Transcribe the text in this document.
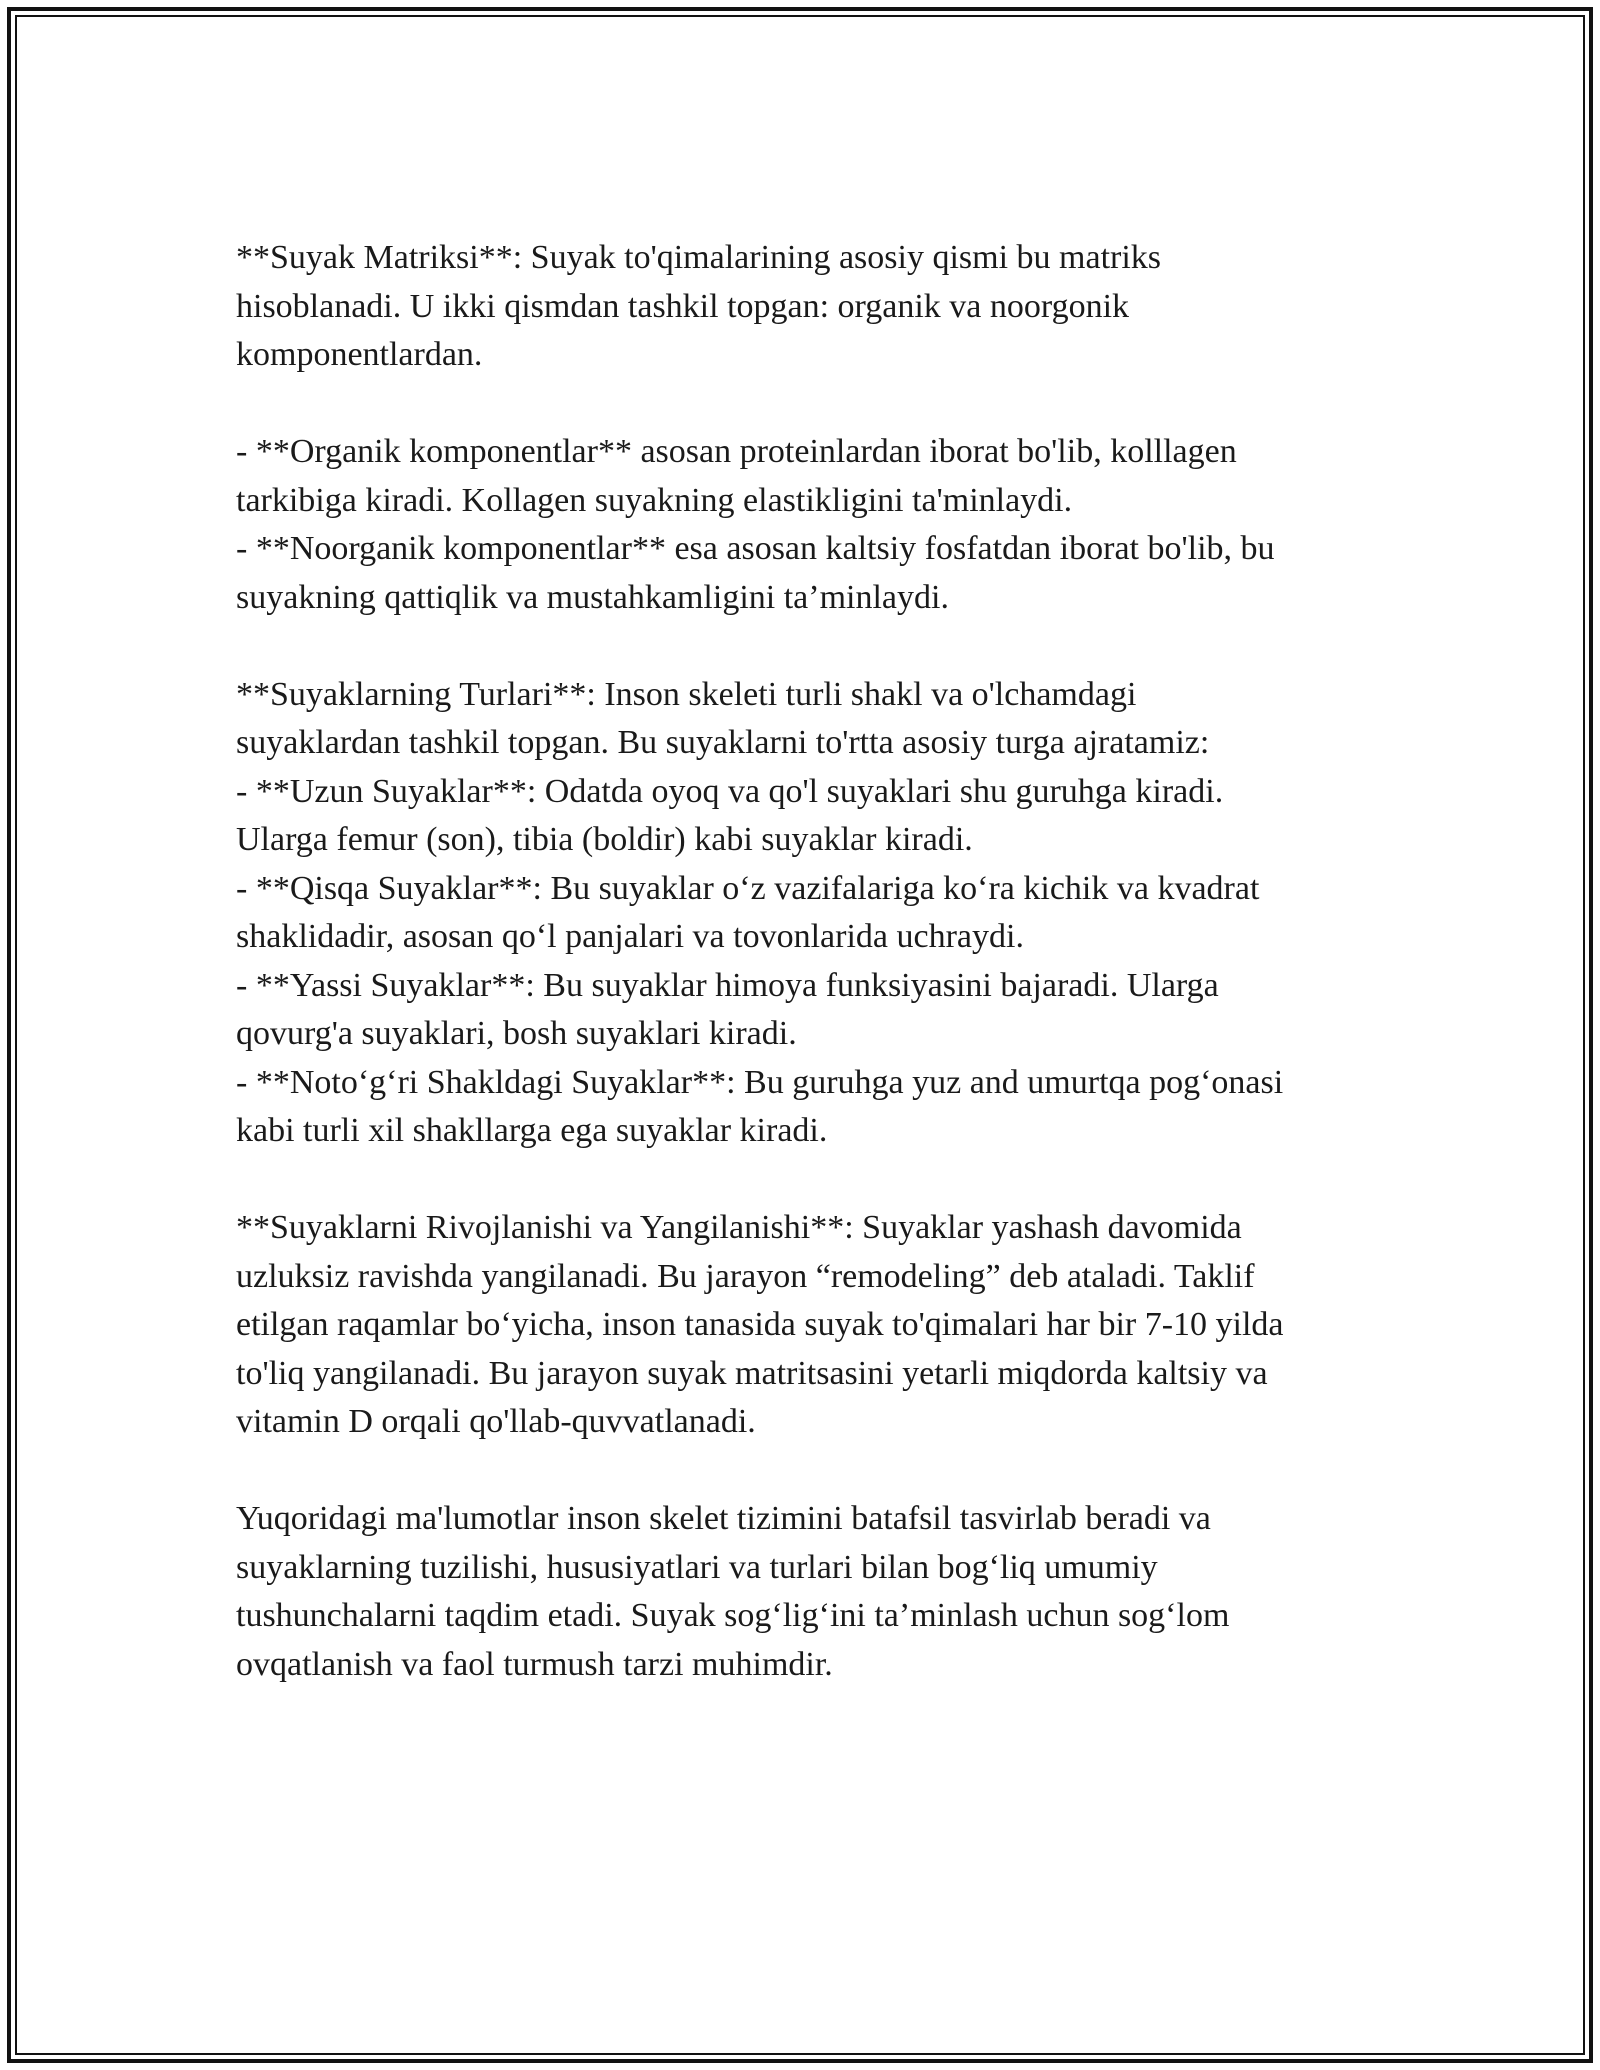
**Suyak Matriksi**: Suyak to'qimalarining asosiy qismi bu matriks
hisoblanadi. U ikki qismdan tashkil topgan: organik va noorgonik
komponentlardan.
- **Organik komponentlar** asosan proteinlardan iborat bo'lib, kolllagen
tarkibiga kiradi. Kollagen suyakning elastikligini ta'minlaydi.
- **Noorganik komponentlar** esa asosan kaltsiy fosfatdan iborat bo'lib, bu
suyakning qattiqlik va mustahkamligini ta’minlaydi.
**Suyaklarning Turlari**: Inson skeleti turli shakl va o'lchamdagi
suyaklardan tashkil topgan. Bu suyaklarni to'rtta asosiy turga ajratamiz:
- **Uzun Suyaklar**: Odatda oyoq va qo'l suyaklari shu guruhga kiradi.
Ularga femur (son), tibia (boldir) kabi suyaklar kiradi.
- **Qisqa Suyaklar**: Bu suyaklar o‘z vazifalariga ko‘ra kichik va kvadrat
shaklidadir, asosan qo‘l panjalari va tovonlarida uchraydi.
- **Yassi Suyaklar**: Bu suyaklar himoya funksiyasini bajaradi. Ularga
qovurg'a suyaklari, bosh suyaklari kiradi.
- **Noto‘g‘ri Shakldagi Suyaklar**: Bu guruhga yuz and umurtqa pog‘onasi
kabi turli xil shakllarga ega suyaklar kiradi.
**Suyaklarni Rivojlanishi va Yangilanishi**: Suyaklar yashash davomida
uzluksiz ravishda yangilanadi. Bu jarayon “remodeling” deb ataladi. Taklif
etilgan raqamlar bo‘yicha, inson tanasida suyak to'qimalari har bir 7-10 yilda
to'liq yangilanadi. Bu jarayon suyak matritsasini yetarli miqdorda kaltsiy va
vitamin D orqali qo'llab-quvvatlanadi.
Yuqoridagi ma'lumotlar inson skelet tizimini batafsil tasvirlab beradi va
suyaklarning tuzilishi, hususiyatlari va turlari bilan bog‘liq umumiy
tushunchalarni taqdim etadi. Suyak sog‘lig‘ini ta’minlash uchun sog‘lom
ovqatlanish va faol turmush tarzi muhimdir.
